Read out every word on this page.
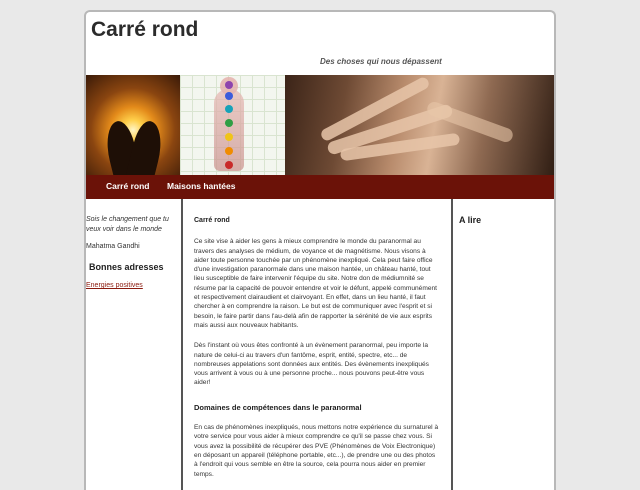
Carré rond
Des choses qui nous dépassent
Carré rond Maisons hantées
Sois le changement que tu veux voir dans le monde
Mahatma Gandhi
Bonnes adresses
Energies positives
Carré rond

Ce site vise à aider les gens à mieux comprendre le monde du paranormal au travers des analyses de médium, de voyance et de magnétisme. Nous visons à aider toute personne touchée par un phénomène inexpliqué. Cela peut faire office d'une investigation paranormale dans une maison hantée, un château hanté, tout lieu susceptible de faire intervenir l'équipe du site. Notre don de médiumnité se résume par la capacité de pouvoir entendre et voir le défunt, appelé communément et respectivement clairaudient et clairvoyant. En effet, dans un lieu hanté, il faut chercher à en comprendre la raison. Le but est de communiquer avec l'esprit et si besoin, le faire partir dans l'au-delà afin de rapporter la sérénité de vie aux esprits mais aussi aux nouveaux habitants.

Dès l'instant où vous êtes confronté à un évènement paranormal, peu importe la nature de celui-ci au travers d'un fantôme, esprit, entité, spectre, etc... de nombreuses appelations sont données aux entités. Des évènements inexpliqués vous arrivent à vous ou à une personne proche... nous pouvons peut-être vous aider!

Domaines de compétences dans le paranormal

En cas de phénomènes inexpliqués, nous mettons notre expérience du surnaturel à votre service pour vous aider à mieux comprendre ce qu'il se passe chez vous. Si vous avez la possibilité de récupérer des PVE (Phénomènes de Voix Electronique) en déposant un appareil (téléphone portable, etc...), de prendre une ou des photos à l'endroit qui vous semble en être la source, cela pourra nous aider en premier temps.

A lire
